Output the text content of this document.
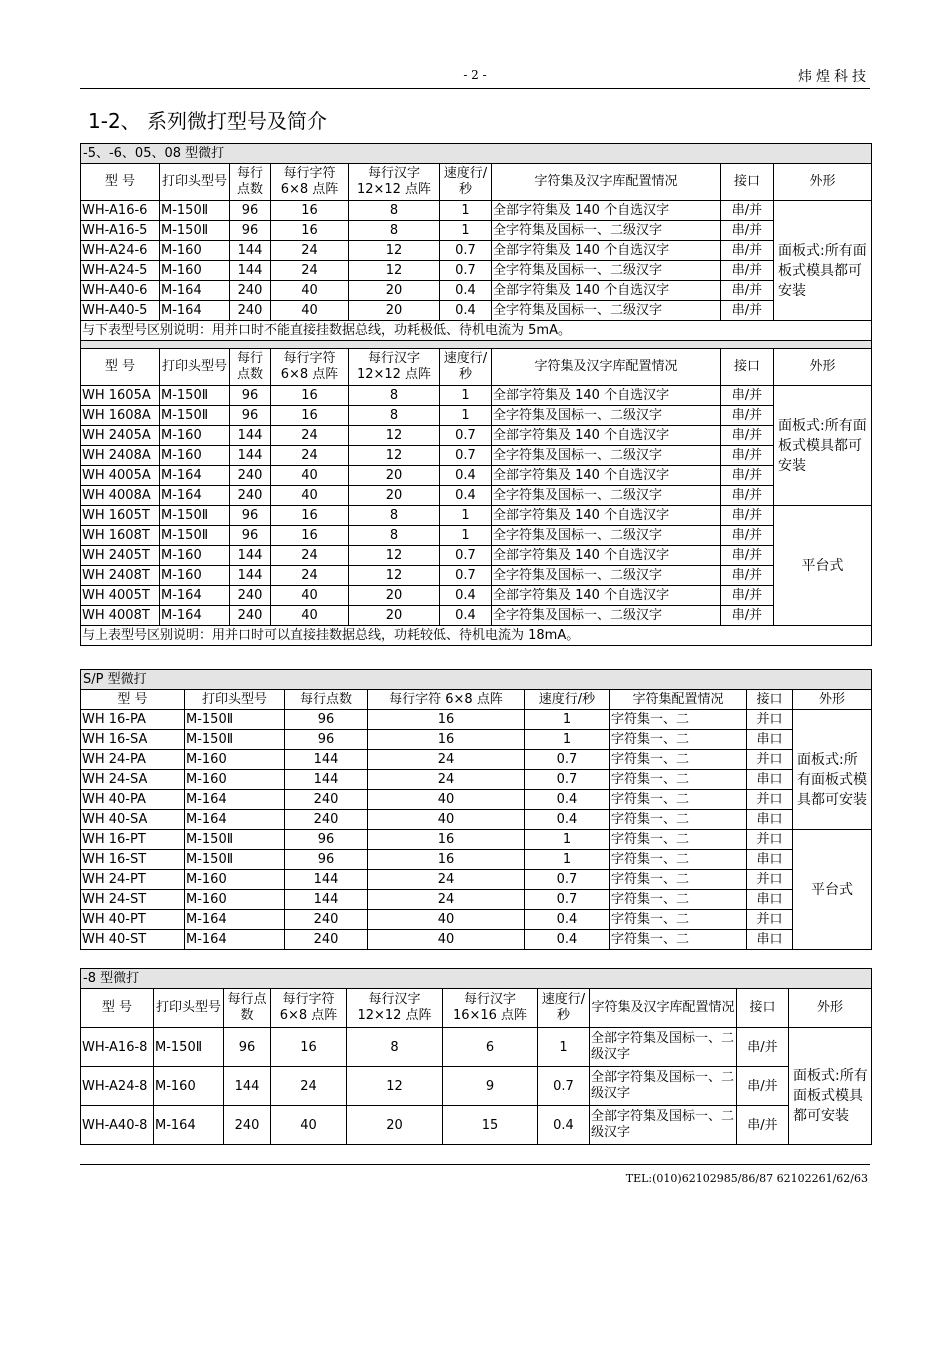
- 2 -	炜煌科技
1-2、 系列微打型号及简介
-5、-6、05、08 型微打								
型 号	打印头型号	每行点数	每行字符6×8 点阵	每行汉字12×12 点阵	速度行/秒	字符集及汉字库配置情况	接口	外形
WH-A16-6	M-150Ⅱ	96	16	8	1	全部字符集及 140 个自选汉字	串/并	面板式:所有面板式模具都可安装
WH-A16-5	M-150Ⅱ	96	16	8	1	全字符集及国标一、二级汉字	串/并	
WH-A24-6	M-160	144	24	12	0.7	全部字符集及 140 个自选汉字	串/并	
WH-A24-5	M-160	144	24	12	0.7	全字符集及国标一、二级汉字	串/并	
WH-A40-6	M-164	240	40	20	0.4	全部字符集及 140 个自选汉字	串/并	
WH-A40-5	M-164	240	40	20	0.4	全字符集及国标一、二级汉字	串/并	
与下表型号区别说明：用并口时不能直接挂数据总线，功耗极低、待机电流为 5mA。								

型 号	打印头型号	每行点数	每行字符6×8 点阵	每行汉字12×12 点阵	速度行/秒	字符集及汉字库配置情况	接口	外形
WH 1605A	M-150Ⅱ	96	16	8	1	全部字符集及 140 个自选汉字	串/并	面板式:所有面板式模具都可安装
WH 1608A	M-150Ⅱ	96	16	8	1	全字符集及国标一、二级汉字	串/并	
WH 2405A	M-160	144	24	12	0.7	全部字符集及 140 个自选汉字	串/并	
WH 2408A	M-160	144	24	12	0.7	全字符集及国标一、二级汉字	串/并	
WH 4005A	M-164	240	40	20	0.4	全部字符集及 140 个自选汉字	串/并	
WH 4008A	M-164	240	40	20	0.4	全字符集及国标一、二级汉字	串/并	
WH 1605T	M-150Ⅱ	96	16	8	1	全部字符集及 140 个自选汉字	串/并	平台式
WH 1608T	M-150Ⅱ	96	16	8	1	全字符集及国标一、二级汉字	串/并	
WH 2405T	M-160	144	24	12	0.7	全部字符集及 140 个自选汉字	串/并	
WH 2408T	M-160	144	24	12	0.7	全字符集及国标一、二级汉字	串/并	
WH 4005T	M-164	240	40	20	0.4	全部字符集及 140 个自选汉字	串/并	
WH 4008T	M-164	240	40	20	0.4	全字符集及国标一、二级汉字	串/并	
与上表型号区别说明：用并口时可以直接挂数据总线，功耗较低、待机电流为 18mA。								
S/P 型微打							
型 号	打印头型号	每行点数	每行字符 6×8 点阵	速度行/秒	字符集配置情况	接口	外形
WH 16-PA	M-150Ⅱ	96	16	1	字符集一、二	并口	面板式:所有面板式模具都可安装
WH 16-SA	M-150Ⅱ	96	16	1	字符集一、二	串口	
WH 24-PA	M-160	144	24	0.7	字符集一、二	并口	
WH 24-SA	M-160	144	24	0.7	字符集一、二	串口	
WH 40-PA	M-164	240	40	0.4	字符集一、二	并口	
WH 40-SA	M-164	240	40	0.4	字符集一、二	串口	
WH 16-PT	M-150Ⅱ	96	16	1	字符集一、二	并口	平台式
WH 16-ST	M-150Ⅱ	96	16	1	字符集一、二	串口	
WH 24-PT	M-160	144	24	0.7	字符集一、二	并口	
WH 24-ST	M-160	144	24	0.7	字符集一、二	串口	
WH 40-PT	M-164	240	40	0.4	字符集一、二	并口	
WH 40-ST	M-164	240	40	0.4	字符集一、二	串口	
-8 型微打									
型 号	打印头型号	每行点数	每行字符6×8 点阵	每行汉字12×12 点阵	每行汉字16×16 点阵	速度行/秒	字符集及汉字库配置情况	接口	外形
WH-A16-8	M-150Ⅱ	96	16	8	6	1	全部字符集及国标一、二级汉字	串/并	面板式:所有面板式模具都可安装
WH-A24-8	M-160	144	24	12	9	0.7	全部字符集及国标一、二级汉字	串/并	
WH-A40-8	M-164	240	40	20	15	0.4	全部字符集及国标一、二级汉字	串/并	
TEL:(010)62102985/86/87 62102261/62/63
